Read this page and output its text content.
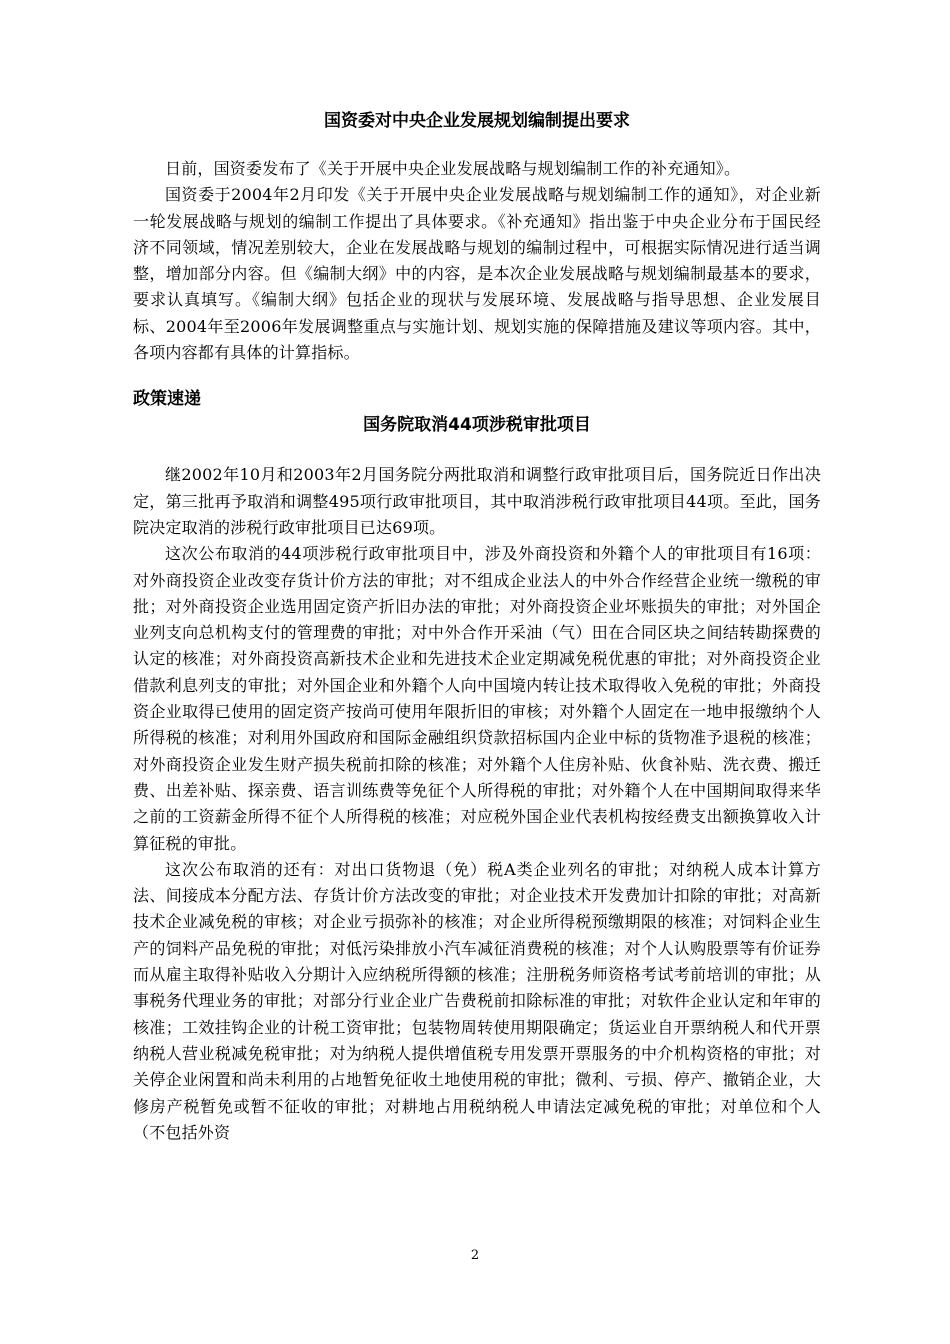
国资委对中央企业发展规划编制提出要求

日前，国资委发布了《关于开展中央企业发展战略与规划编制工作的补充通知》。

国资委于2004年2月印发《关于开展中央企业发展战略与规划编制工作的通知》，对企业新一轮发展战略与规划的编制工作提出了具体要求。《补充通知》指出鉴于中央企业分布于国民经济不同领域，情况差别较大，企业在发展战略与规划的编制过程中，可根据实际情况进行适当调整，增加部分内容。但《编制大纲》中的内容，是本次企业发展战略与规划编制最基本的要求，要求认真填写。《编制大纲》包括企业的现状与发展环境、发展战略与指导思想、企业发展目标、2004年至2006年发展调整重点与实施计划、规划实施的保障措施及建议等项内容。其中，各项内容都有具体的计算指标。

政策速递

国务院取消44项涉税审批项目

继2002年10月和2003年2月国务院分两批取消和调整行政审批项目后，国务院近日作出决定，第三批再予取消和调整495项行政审批项目，其中取消涉税行政审批项目44项。至此，国务院决定取消的涉税行政审批项目已达69项。

这次公布取消的44项涉税行政审批项目中，涉及外商投资和外籍个人的审批项目有16项：对外商投资企业改变存货计价方法的审批；对不组成企业法人的中外合作经营企业统一缴税的审批；对外商投资企业选用固定资产折旧办法的审批；对外商投资企业坏账损失的审批；对外国企业列支向总机构支付的管理费的审批；对中外合作开采油（气）田在合同区块之间结转勘探费的认定的核准；对外商投资高新技术企业和先进技术企业定期减免税优惠的审批；对外商投资企业借款利息列支的审批；对外国企业和外籍个人向中国境内转让技术取得收入免税的审批；外商投资企业取得已使用的固定资产按尚可使用年限折旧的审核；对外籍个人固定在一地申报缴纳个人所得税的核准；对利用外国政府和国际金融组织贷款招标国内企业中标的货物准予退税的核准；对外商投资企业发生财产损失税前扣除的核准；对外籍个人住房补贴、伙食补贴、洗衣费、搬迁费、出差补贴、探亲费、语言训练费等免征个人所得税的审批；对外籍个人在中国期间取得来华之前的工资薪金所得不征个人所得税的核准；对应税外国企业代表机构按经费支出额换算收入计算征税的审批。

这次公布取消的还有：对出口货物退（免）税A类企业列名的审批；对纳税人成本计算方法、间接成本分配方法、存货计价方法改变的审批；对企业技术开发费加计扣除的审批；对高新技术企业减免税的审核；对企业亏损弥补的核准；对企业所得税预缴期限的核准；对饲料企业生产的饲料产品免税的审批；对低污染排放小汽车减征消费税的核准；对个人认购股票等有价证券而从雇主取得补贴收入分期计入应纳税所得额的核准；注册税务师资格考试考前培训的审批；从事税务代理业务的审批；对部分行业企业广告费税前扣除标准的审批；对软件企业认定和年审的核准；工效挂钩企业的计税工资审批；包装物周转使用期限确定；货运业自开票纳税人和代开票纳税人营业税减免税审批；对为纳税人提供增值税专用发票开票服务的中介机构资格的审批；对关停企业闲置和尚未利用的占地暂免征收土地使用税的审批；微利、亏损、停产、撤销企业，大修房产税暂免或暂不征收的审批；对耕地占用税纳税人申请法定减免税的审批；对单位和个人（不包括外资

2
